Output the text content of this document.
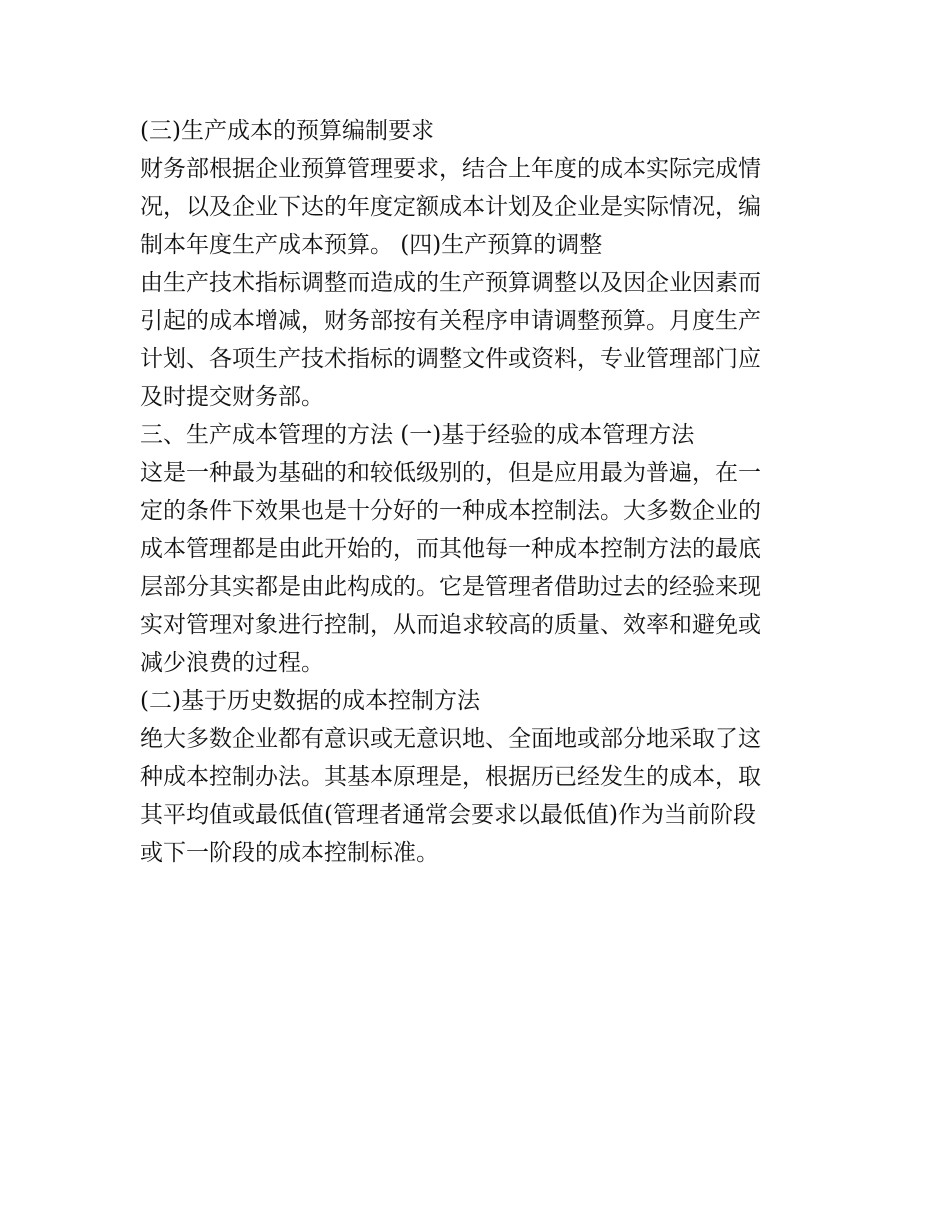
(三)生产成本的预算编制要求
财务部根据企业预算管理要求，结合上年度的成本实际完成情
况，以及企业下达的年度定额成本计划及企业是实际情况，编
制本年度生产成本预算。 (四)生产预算的调整
由生产技术指标调整而造成的生产预算调整以及因企业因素而
引起的成本增减，财务部按有关程序申请调整预算。月度生产
计划、各项生产技术指标的调整文件或资料，专业管理部门应
及时提交财务部。
三、生产成本管理的方法 (一)基于经验的成本管理方法
这是一种最为基础的和较低级别的，但是应用最为普遍，在一
定的条件下效果也是十分好的一种成本控制法。大多数企业的
成本管理都是由此开始的，而其他每一种成本控制方法的最底
层部分其实都是由此构成的。它是管理者借助过去的经验来现
实对管理对象进行控制，从而追求较高的质量、效率和避免或
减少浪费的过程。
(二)基于历史数据的成本控制方法
绝大多数企业都有意识或无意识地、全面地或部分地采取了这
种成本控制办法。其基本原理是，根据历已经发生的成本，取
其平均值或最低值(管理者通常会要求以最低值)作为当前阶段
或下一阶段的成本控制标准。
